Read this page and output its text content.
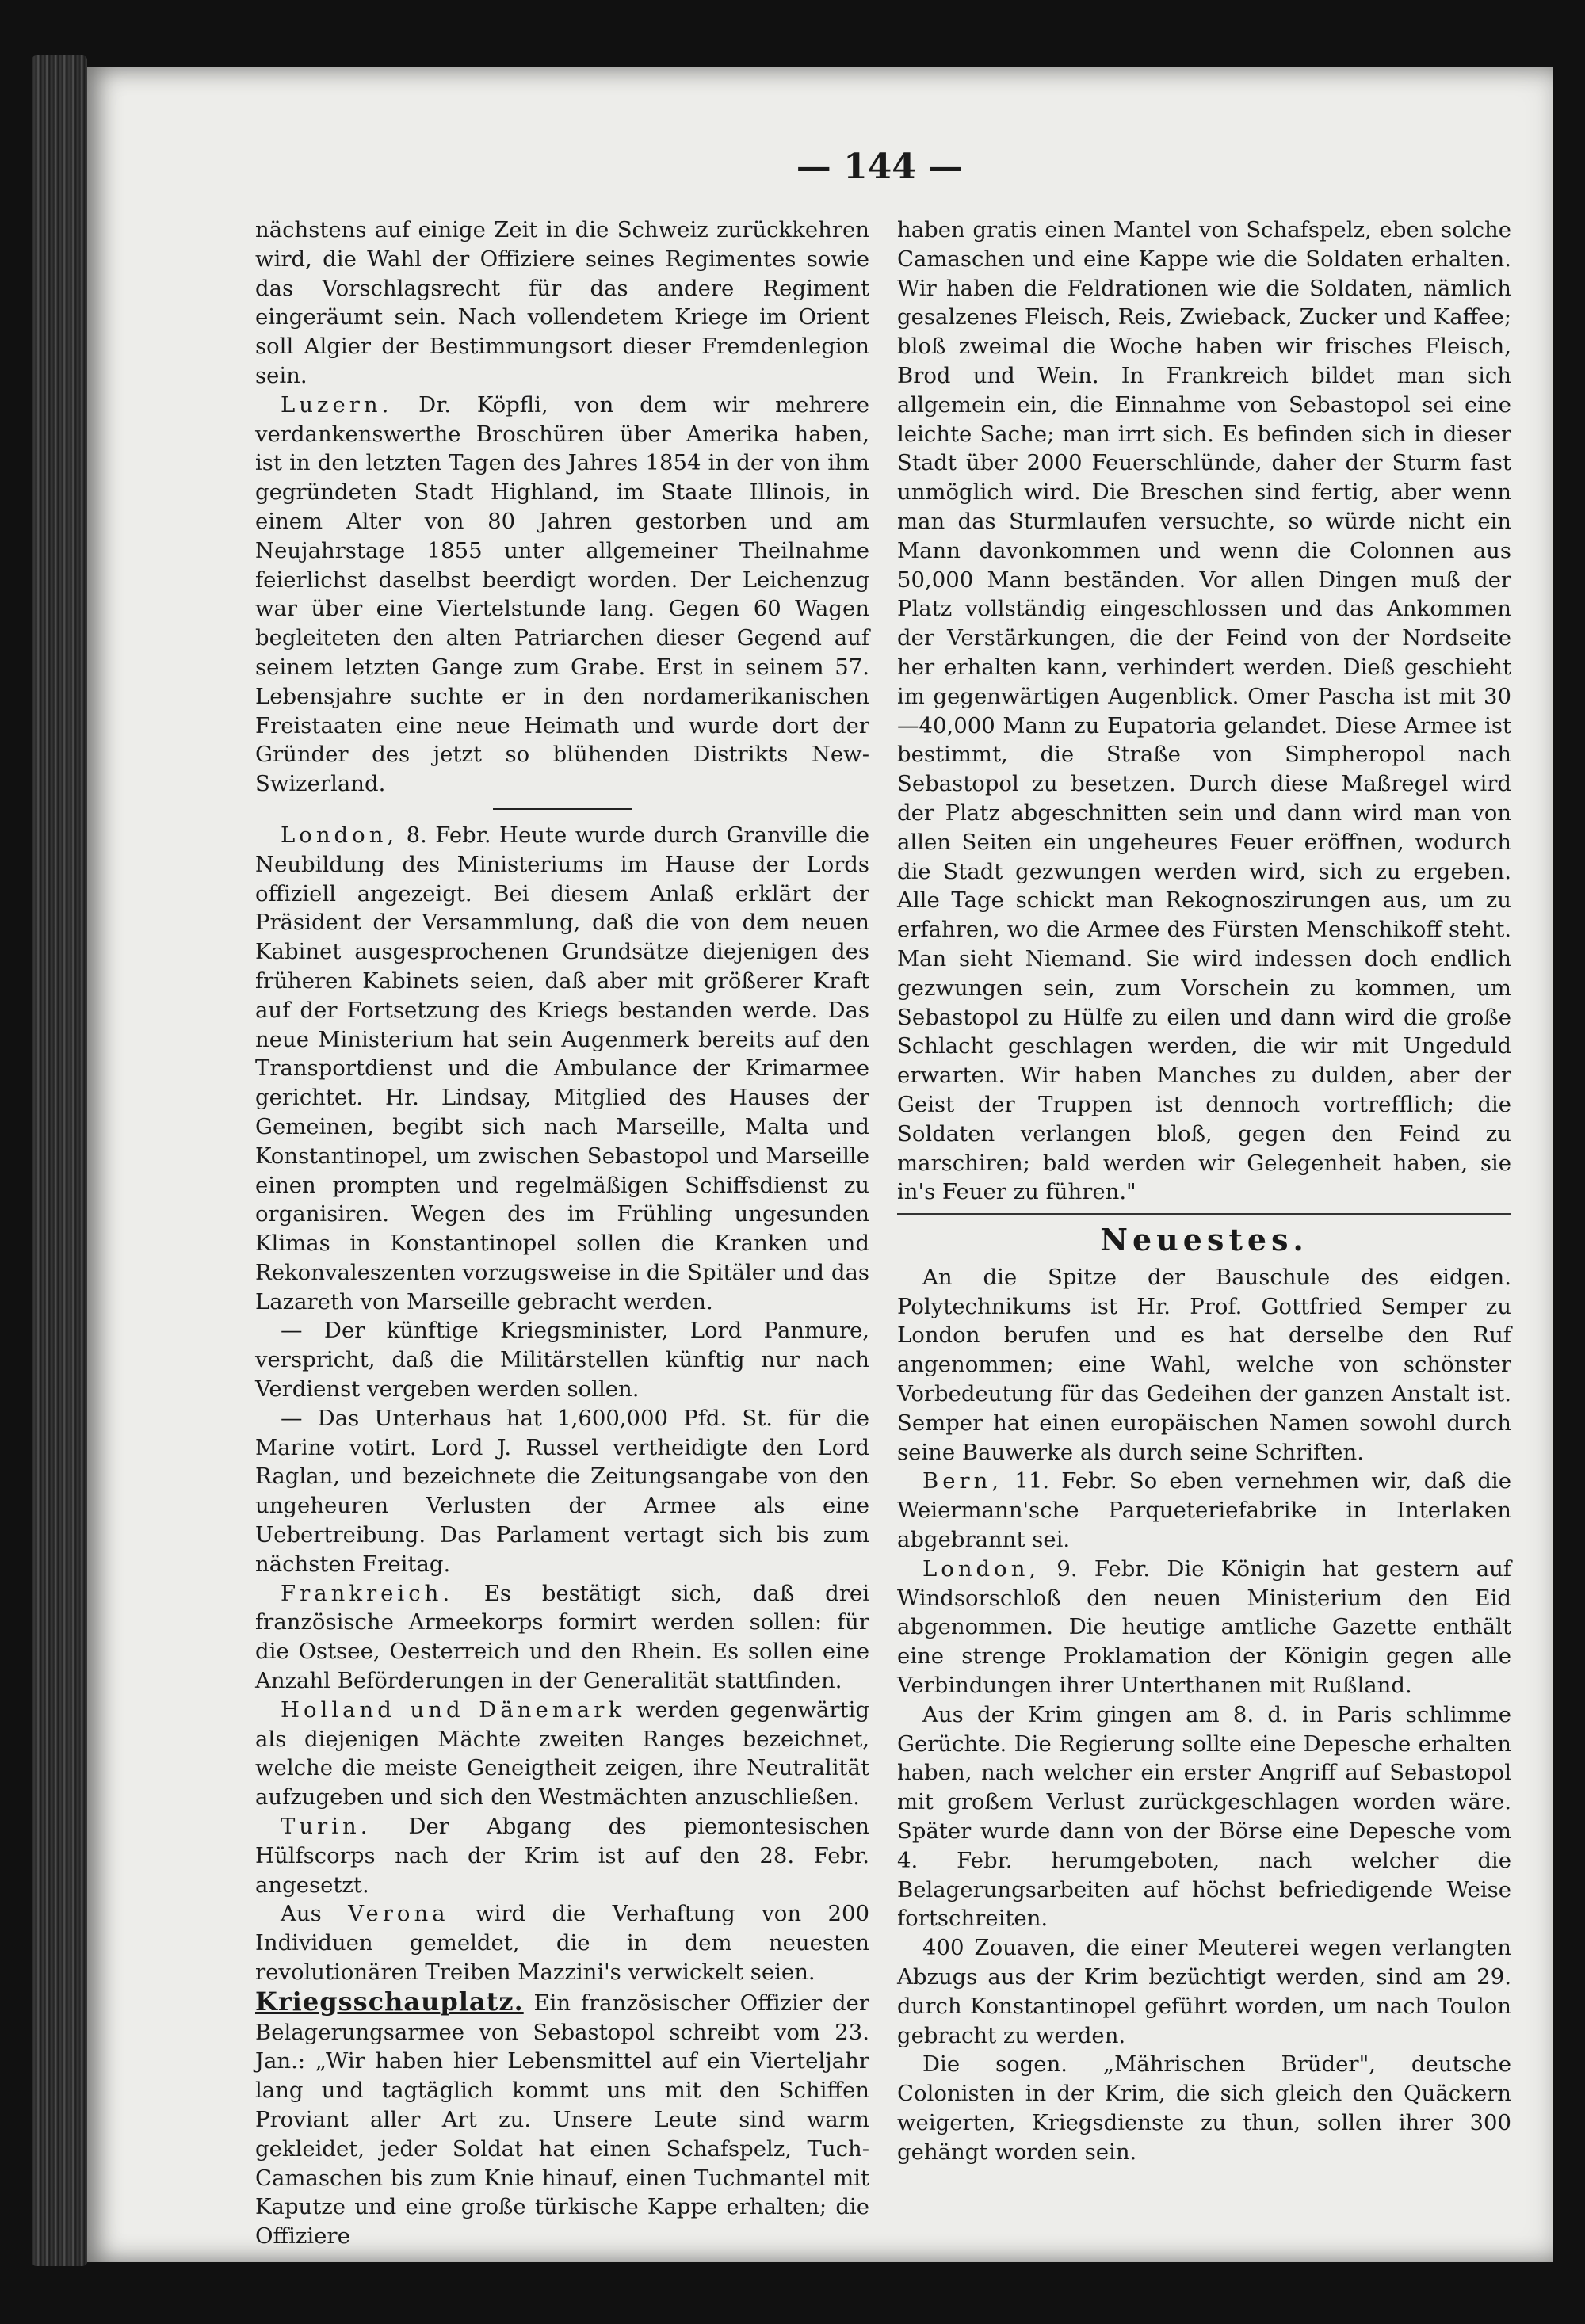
— 144 —

nächstens auf einige Zeit in die Schweiz zurückkehren wird, die Wahl der Offiziere seines Regimentes sowie das Vorschlagsrecht für das andere Regiment eingeräumt sein. Nach vollendetem Kriege im Orient soll Algier der Bestimmungsort dieser Fremdenlegion sein.

Luzern. Dr. Köpfli, von dem wir mehrere verdankenswerthe Broschüren über Amerika haben, ist in den letzten Tagen des Jahres 1854 in der von ihm gegründeten Stadt Highland, im Staate Illinois, in einem Alter von 80 Jahren gestorben und am Neujahrstage 1855 unter allgemeiner Theilnahme feierlichst daselbst beerdigt worden. Der Leichenzug war über eine Viertelstunde lang. Gegen 60 Wagen begleiteten den alten Patriarchen dieser Gegend auf seinem letzten Gange zum Grabe. Erst in seinem 57. Lebensjahre suchte er in den nordamerikanischen Freistaaten eine neue Heimath und wurde dort der Gründer des jetzt so blühenden Distrikts New-Swizerland.

London, 8. Febr. Heute wurde durch Granville die Neubildung des Ministeriums im Hause der Lords offiziell angezeigt. Bei diesem Anlaß erklärt der Präsident der Versammlung, daß die von dem neuen Kabinet ausgesprochenen Grundsätze diejenigen des früheren Kabinets seien, daß aber mit größerer Kraft auf der Fortsetzung des Kriegs bestanden werde. Das neue Ministerium hat sein Augenmerk bereits auf den Transportdienst und die Ambulance der Krimarmee gerichtet. Hr. Lindsay, Mitglied des Hauses der Gemeinen, begibt sich nach Marseille, Malta und Konstantinopel, um zwischen Sebastopol und Marseille einen prompten und regelmäßigen Schiffsdienst zu organisiren. Wegen des im Frühling ungesunden Klimas in Konstantinopel sollen die Kranken und Rekonvaleszenten vorzugsweise in die Spitäler und das Lazareth von Marseille gebracht werden.

— Der künftige Kriegsminister, Lord Panmure, verspricht, daß die Militärstellen künftig nur nach Verdienst vergeben werden sollen.

— Das Unterhaus hat 1,600,000 Pfd. St. für die Marine votirt. Lord J. Russel vertheidigte den Lord Raglan, und bezeichnete die Zeitungsangabe von den ungeheuren Verlusten der Armee als eine Uebertreibung. Das Parlament vertagt sich bis zum nächsten Freitag.

Frankreich. Es bestätigt sich, daß drei französische Armeekorps formirt werden sollen: für die Ostsee, Oesterreich und den Rhein. Es sollen eine Anzahl Beförderungen in der Generalität stattfinden.

Holland und Dänemark werden gegenwärtig als diejenigen Mächte zweiten Ranges bezeichnet, welche die meiste Geneigtheit zeigen, ihre Neutralität aufzugeben und sich den Westmächten anzuschließen.

Turin. Der Abgang des piemontesischen Hülfscorps nach der Krim ist auf den 28. Febr. angesetzt.

Aus Verona wird die Verhaftung von 200 Individuen gemeldet, die in dem neuesten revolutionären Treiben Mazzini's verwickelt seien.

Kriegsschauplatz. Ein französischer Offizier der Belagerungsarmee von Sebastopol schreibt vom 23. Jan.: „Wir haben hier Lebensmittel auf ein Vierteljahr lang und tagtäglich kommt uns mit den Schiffen Proviant aller Art zu. Unsere Leute sind warm gekleidet, jeder Soldat hat einen Schafspelz, Tuch-Camaschen bis zum Knie hinauf, einen Tuchmantel mit Kaputze und eine große türkische Kappe erhalten; die Offiziere

haben gratis einen Mantel von Schafspelz, eben solche Camaschen und eine Kappe wie die Soldaten erhalten. Wir haben die Feldrationen wie die Soldaten, nämlich gesalzenes Fleisch, Reis, Zwieback, Zucker und Kaffee; bloß zweimal die Woche haben wir frisches Fleisch, Brod und Wein. In Frankreich bildet man sich allgemein ein, die Einnahme von Sebastopol sei eine leichte Sache; man irrt sich. Es befinden sich in dieser Stadt über 2000 Feuerschlünde, daher der Sturm fast unmöglich wird. Die Breschen sind fertig, aber wenn man das Sturmlaufen versuchte, so würde nicht ein Mann davonkommen und wenn die Colonnen aus 50,000 Mann beständen. Vor allen Dingen muß der Platz vollständig eingeschlossen und das Ankommen der Verstärkungen, die der Feind von der Nordseite her erhalten kann, verhindert werden. Dieß geschieht im gegenwärtigen Augenblick. Omer Pascha ist mit 30—40,000 Mann zu Eupatoria gelandet. Diese Armee ist bestimmt, die Straße von Simpheropol nach Sebastopol zu besetzen. Durch diese Maßregel wird der Platz abgeschnitten sein und dann wird man von allen Seiten ein ungeheures Feuer eröffnen, wodurch die Stadt gezwungen werden wird, sich zu ergeben. Alle Tage schickt man Rekognoszirungen aus, um zu erfahren, wo die Armee des Fürsten Menschikoff steht. Man sieht Niemand. Sie wird indessen doch endlich gezwungen sein, zum Vorschein zu kommen, um Sebastopol zu Hülfe zu eilen und dann wird die große Schlacht geschlagen werden, die wir mit Ungeduld erwarten. Wir haben Manches zu dulden, aber der Geist der Truppen ist dennoch vortrefflich; die Soldaten verlangen bloß, gegen den Feind zu marschiren; bald werden wir Gelegenheit haben, sie in's Feuer zu führen."

Neuestes.

An die Spitze der Bauschule des eidgen. Polytechnikums ist Hr. Prof. Gottfried Semper zu London berufen und es hat derselbe den Ruf angenommen; eine Wahl, welche von schönster Vorbedeutung für das Gedeihen der ganzen Anstalt ist. Semper hat einen europäischen Namen sowohl durch seine Bauwerke als durch seine Schriften.

Bern, 11. Febr. So eben vernehmen wir, daß die Weiermann'sche Parqueteriefabrike in Interlaken abgebrannt sei.

London, 9. Febr. Die Königin hat gestern auf Windsorschloß den neuen Ministerium den Eid abgenommen. Die heutige amtliche Gazette enthält eine strenge Proklamation der Königin gegen alle Verbindungen ihrer Unterthanen mit Rußland.

Aus der Krim gingen am 8. d. in Paris schlimme Gerüchte. Die Regierung sollte eine Depesche erhalten haben, nach welcher ein erster Angriff auf Sebastopol mit großem Verlust zurückgeschlagen worden wäre. Später wurde dann von der Börse eine Depesche vom 4. Febr. herumgeboten, nach welcher die Belagerungsarbeiten auf höchst befriedigende Weise fortschreiten.

400 Zouaven, die einer Meuterei wegen verlangten Abzugs aus der Krim bezüchtigt werden, sind am 29. durch Konstantinopel geführt worden, um nach Toulon gebracht zu werden.

Die sogen. „Mährischen Brüder", deutsche Colonisten in der Krim, die sich gleich den Quäckern weigerten, Kriegsdienste zu thun, sollen ihrer 300 gehängt worden sein.
